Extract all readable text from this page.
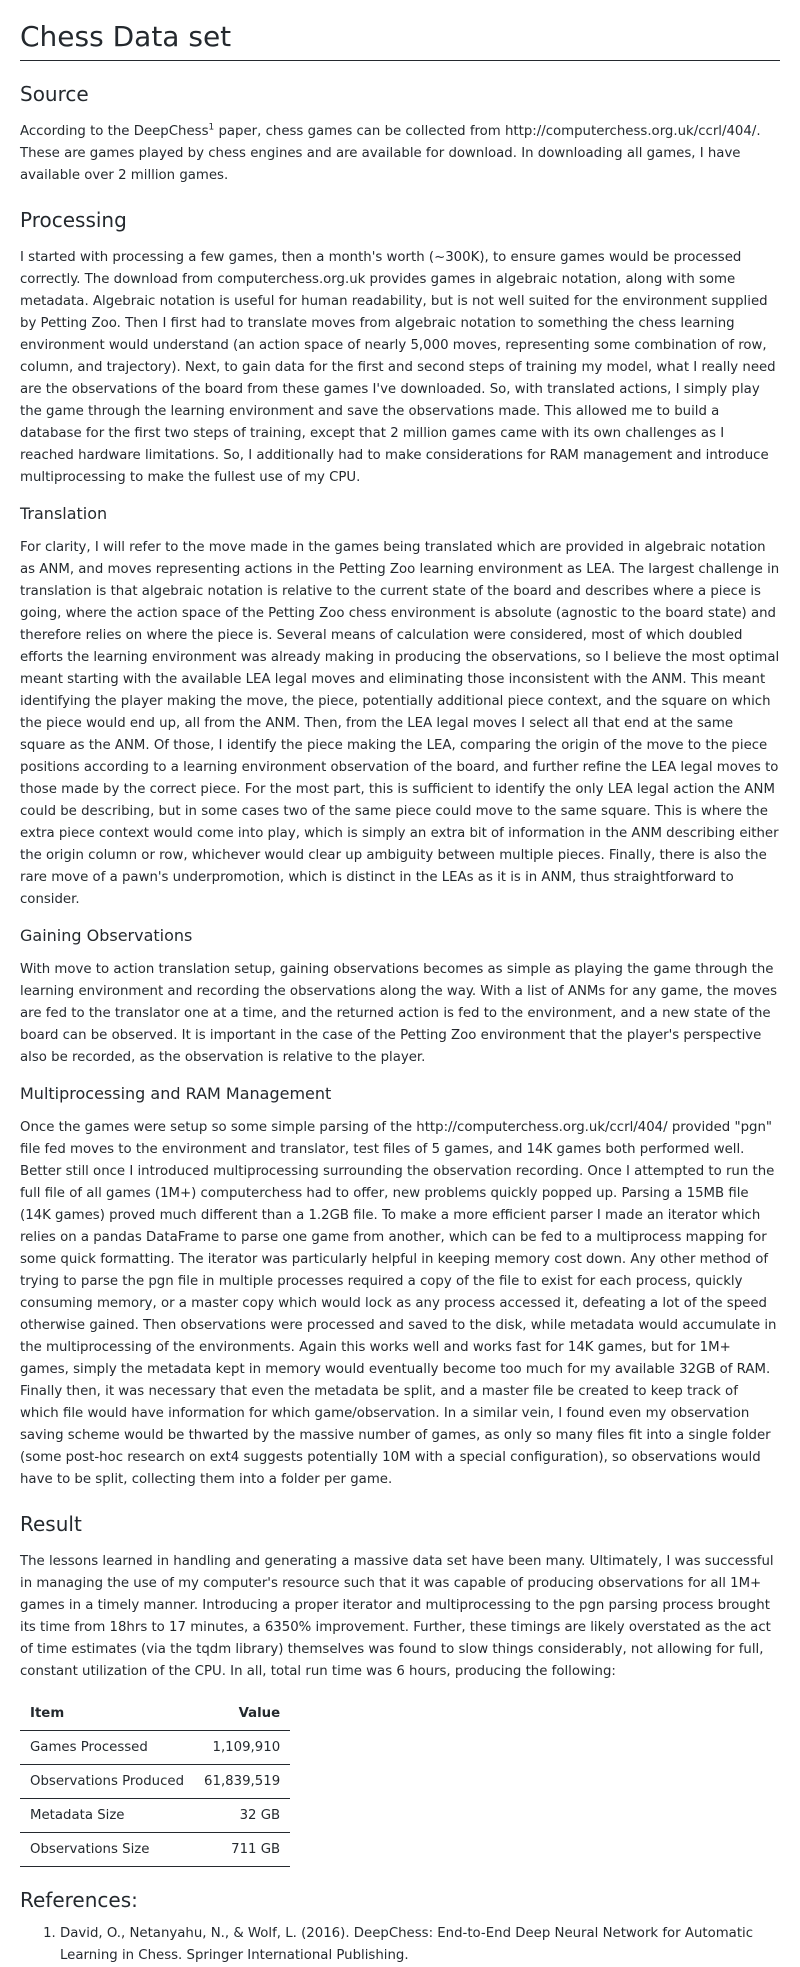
Chess Data set
Source

According to the DeepChess$^1$ paper, chess games can be collected from http://computerchess.org.uk/ccrl/404/. These are games played by chess engines and are available for download. In downloading all games, I have available over 2 million games.

Processing

I started with processing a few games, then a month's worth (~300K), to ensure games would be processed correctly. The download from computerchess.org.uk provides games in algebraic notation, along with some metadata. Algebraic notation is useful for human readability, but is not well suited for the environment supplied by Petting Zoo. Then I first had to translate moves from algebraic notation to something the chess learning environment would understand (an action space of nearly 5,000 moves, representing some combination of row, column, and trajectory). Next, to gain data for the first and second steps of training my model, what I really need are the observations of the board from these games I've downloaded. So, with translated actions, I simply play the game through the learning environment and save the observations made. This allowed me to build a database for the first two steps of training, except that 2 million games came with its own challenges as I reached hardware limitations. So, I additionally had to make considerations for RAM management and introduce multiprocessing to make the fullest use of my CPU.

Translation

For clarity, I will refer to the move made in the games being translated which are provided in algebraic notation as ANM, and moves representing actions in the Petting Zoo learning environment as LEA. The largest challenge in translation is that algebraic notation is relative to the current state of the board and describes where a piece is going, where the action space of the Petting Zoo chess environment is absolute (agnostic to the board state) and therefore relies on where the piece is. Several means of calculation were considered, most of which doubled efforts the learning environment was already making in producing the observations, so I believe the most optimal meant starting with the available LEA legal moves and eliminating those inconsistent with the ANM. This meant identifying the player making the move, the piece, potentially additional piece context, and the square on which the piece would end up, all from the ANM. Then, from the LEA legal moves I select all that end at the same square as the ANM. Of those, I identify the piece making the LEA, comparing the origin of the move to the piece positions according to a learning environment observation of the board, and further refine the LEA legal moves to those made by the correct piece. For the most part, this is sufficient to identify the only LEA legal action the ANM could be describing, but in some cases two of the same piece could move to the same square. This is where the extra piece context would come into play, which is simply an extra bit of information in the ANM describing either the origin column or row, whichever would clear up ambiguity between multiple pieces. Finally, there is also the rare move of a pawn's underpromotion, which is distinct in the LEAs as it is in ANM, thus straightforward to consider.

Gaining Observations

With move to action translation setup, gaining observations becomes as simple as playing the game through the learning environment and recording the observations along the way. With a list of ANMs for any game, the moves are fed to the translator one at a time, and the returned action is fed to the environment, and a new state of the board can be observed. It is important in the case of the Petting Zoo environment that the player's perspective also be recorded, as the observation is relative to the player.

Multiprocessing and RAM Management

Once the games were setup so some simple parsing of the http://computerchess.org.uk/ccrl/404/ provided "pgn" file fed moves to the environment and translator, test files of 5 games, and 14K games both performed well. Better still once I introduced multiprocessing surrounding the observation recording. Once I attempted to run the full file of all games (1M+) computerchess had to offer, new problems quickly popped up. Parsing a 15MB file (14K games) proved much different than a 1.2GB file. To make a more efficient parser I made an iterator which relies on a pandas DataFrame to parse one game from another, which can be fed to a multiprocess mapping for some quick formatting. The iterator was particularly helpful in keeping memory cost down. Any other method of trying to parse the pgn file in multiple processes required a copy of the file to exist for each process, quickly consuming memory, or a master copy which would lock as any process accessed it, defeating a lot of the speed otherwise gained. Then observations were processed and saved to the disk, while metadata would accumulate in the multiprocessing of the environments. Again this works well and works fast for 14K games, but for 1M+ games, simply the metadata kept in memory would eventually become too much for my available 32GB of RAM. Finally then, it was necessary that even the metadata be split, and a master file be created to keep track of which file would have information for which game/observation. In a similar vein, I found even my observation saving scheme would be thwarted by the massive number of games, as only so many files fit into a single folder (some post-hoc research on ext4 suggests potentially 10M with a special configuration), so observations would have to be split, collecting them into a folder per game.

Result

The lessons learned in handling and generating a massive data set have been many. Ultimately, I was successful in managing the use of my computer's resource such that it was capable of producing observations for all 1M+ games in a timely manner. Introducing a proper iterator and multiprocessing to the pgn parsing process brought its time from 18hrs to 17 minutes, a 6350% improvement. Further, these timings are likely overstated as the act of time estimates (via the tqdm library) themselves was found to slow things considerably, not allowing for full, constant utilization of the CPU. In all, total run time was 6 hours, producing the following:

Item	Value
Games Processed	1,109,910
Observations Produced	61,839,519
Metadata Size	32 GB
Observations Size	711 GB
References:
1. David, O., Netanyahu, N., & Wolf, L. (2016). DeepChess: End-to-End Deep Neural Network for Automatic Learning in Chess. Springer International Publishing.
